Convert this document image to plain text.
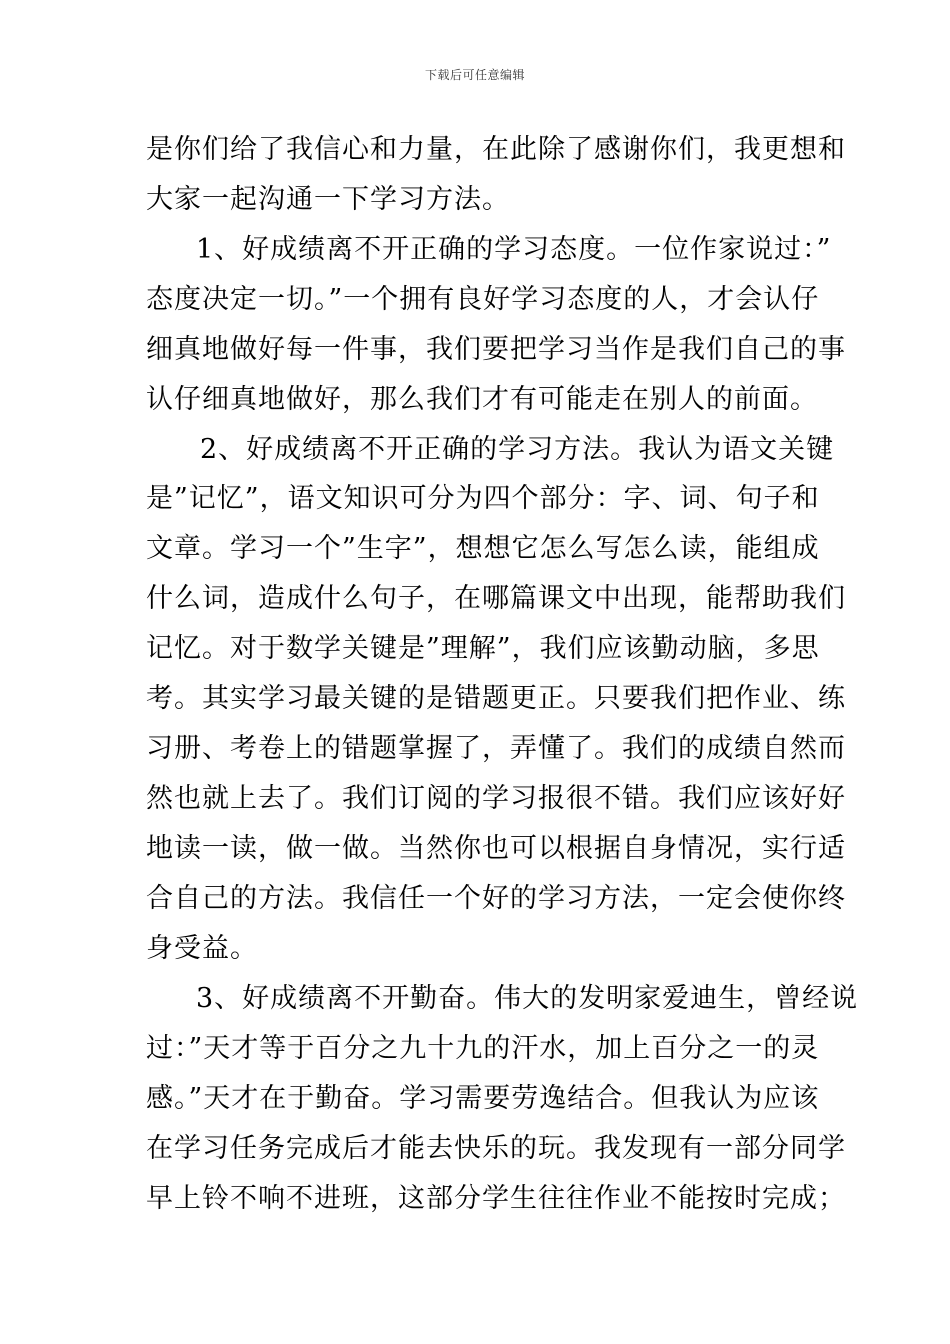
下载后可任意编辑
是你们给了我信心和力量，在此除了感谢你们，我更想和
大家一起沟通一下学习方法。
1、好成绩离不开正确的学习态度。一位作家说过：”
态度决定一切。”一个拥有良好学习态度的人，才会认仔
细真地做好每一件事，我们要把学习当作是我们自己的事
认仔细真地做好，那么我们才有可能走在别人的前面。
2、好成绩离不开正确的学习方法。我认为语文关键
是”记忆”，语文知识可分为四个部分：字、词、句子和
文章。学习一个”生字”，想想它怎么写怎么读，能组成
什么词，造成什么句子，在哪篇课文中出现，能帮助我们
记忆。对于数学关键是”理解”，我们应该勤动脑，多思
考。其实学习最关键的是错题更正。只要我们把作业、练
习册、考卷上的错题掌握了，弄懂了。我们的成绩自然而
然也就上去了。我们订阅的学习报很不错。我们应该好好
地读一读，做一做。当然你也可以根据自身情况，实行适
合自己的方法。我信任一个好的学习方法，一定会使你终
身受益。
3、好成绩离不开勤奋。伟大的发明家爱迪生，曾经说
过：”天才等于百分之九十九的汗水，加上百分之一的灵
感。”天才在于勤奋。学习需要劳逸结合。但我认为应该
在学习任务完成后才能去快乐的玩。我发现有一部分同学
早上铃不响不进班，这部分学生往往作业不能按时完成；
